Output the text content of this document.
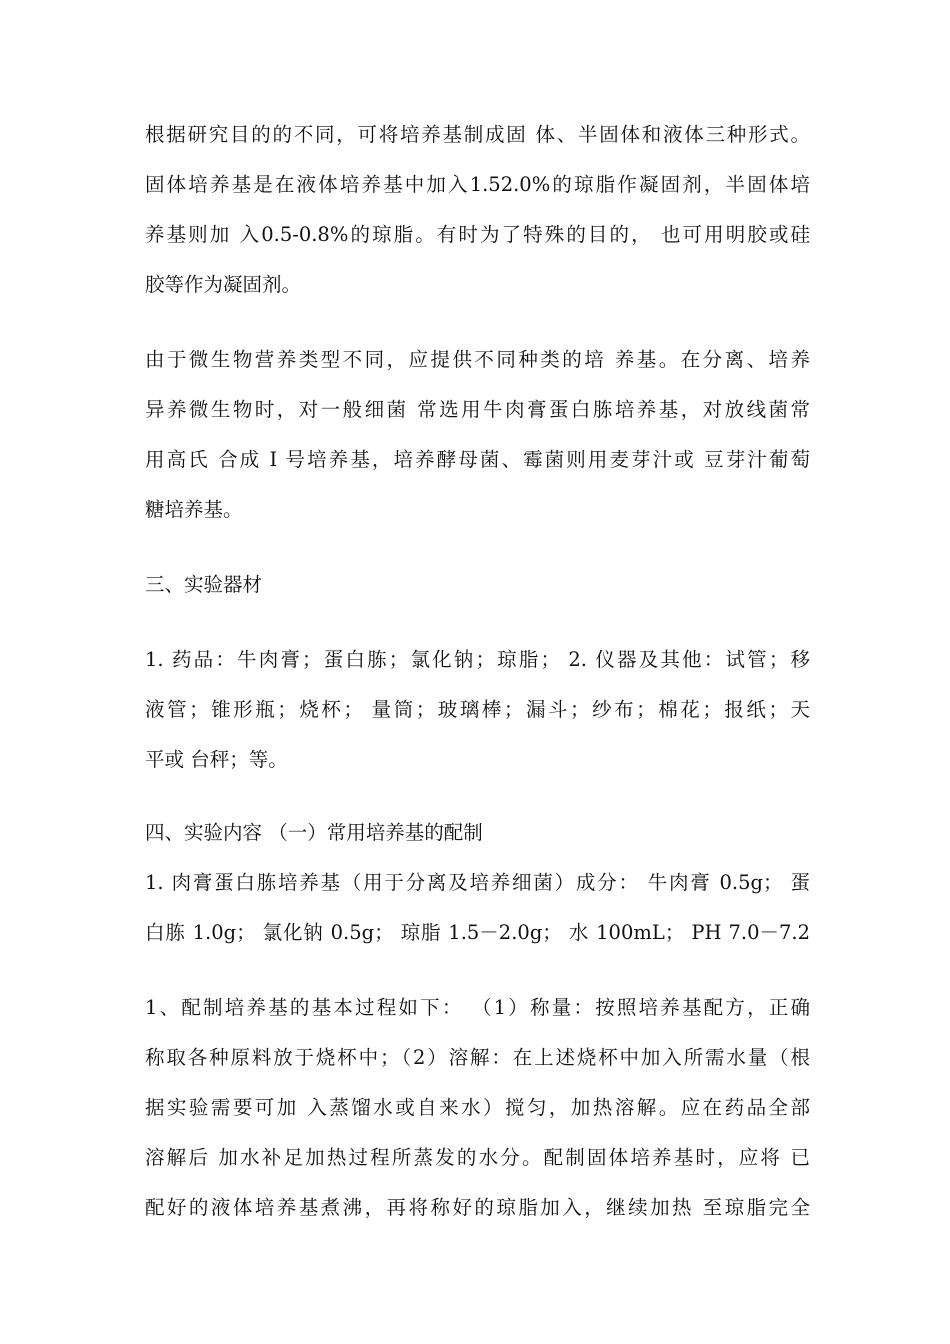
根据研究目的的不同，可将培养基制成固 体、半固体和液体三种形式。
固体培养基是在液体培养基中加入1.52.0%的琼脂作凝固剂，半固体培
养基则加 入0.5-0.8%的琼脂。有时为了特殊的目的， 也可用明胶或硅
胶等作为凝固剂。
由于微生物营养类型不同，应提供不同种类的培 养基。在分离、培养
异养微生物时，对一般细菌 常选用牛肉膏蛋白胨培养基，对放线菌常
用高氏 合成 I 号培养基，培养酵母菌、霉菌则用麦芽汁或 豆芽汁葡萄
糖培养基。
三、实验器材
1. 药品：牛肉膏；蛋白胨；氯化钠；琼脂； 2. 仪器及其他：试管；移
液管；锥形瓶；烧杯； 量筒；玻璃棒；漏斗；纱布；棉花；报纸；天
平或 台秤；等。
四、实验内容 （一）常用培养基的配制
1. 肉膏蛋白胨培养基（用于分离及培养细菌）成分： 牛肉膏 0.5g； 蛋
白胨 1.0g； 氯化钠 0.5g； 琼脂 1.5－2.0g； 水 100mL； PH 7.0－7.2
1、配制培养基的基本过程如下： （1）称量：按照培养基配方，正确
称取各种原料放于烧杯中；（2）溶解：在上述烧杯中加入所需水量（根
据实验需要可加 入蒸馏水或自来水）搅匀，加热溶解。应在药品全部
溶解后 加水补足加热过程所蒸发的水分。配制固体培养基时，应将 已
配好的液体培养基煮沸，再将称好的琼脂加入，继续加热 至琼脂完全
